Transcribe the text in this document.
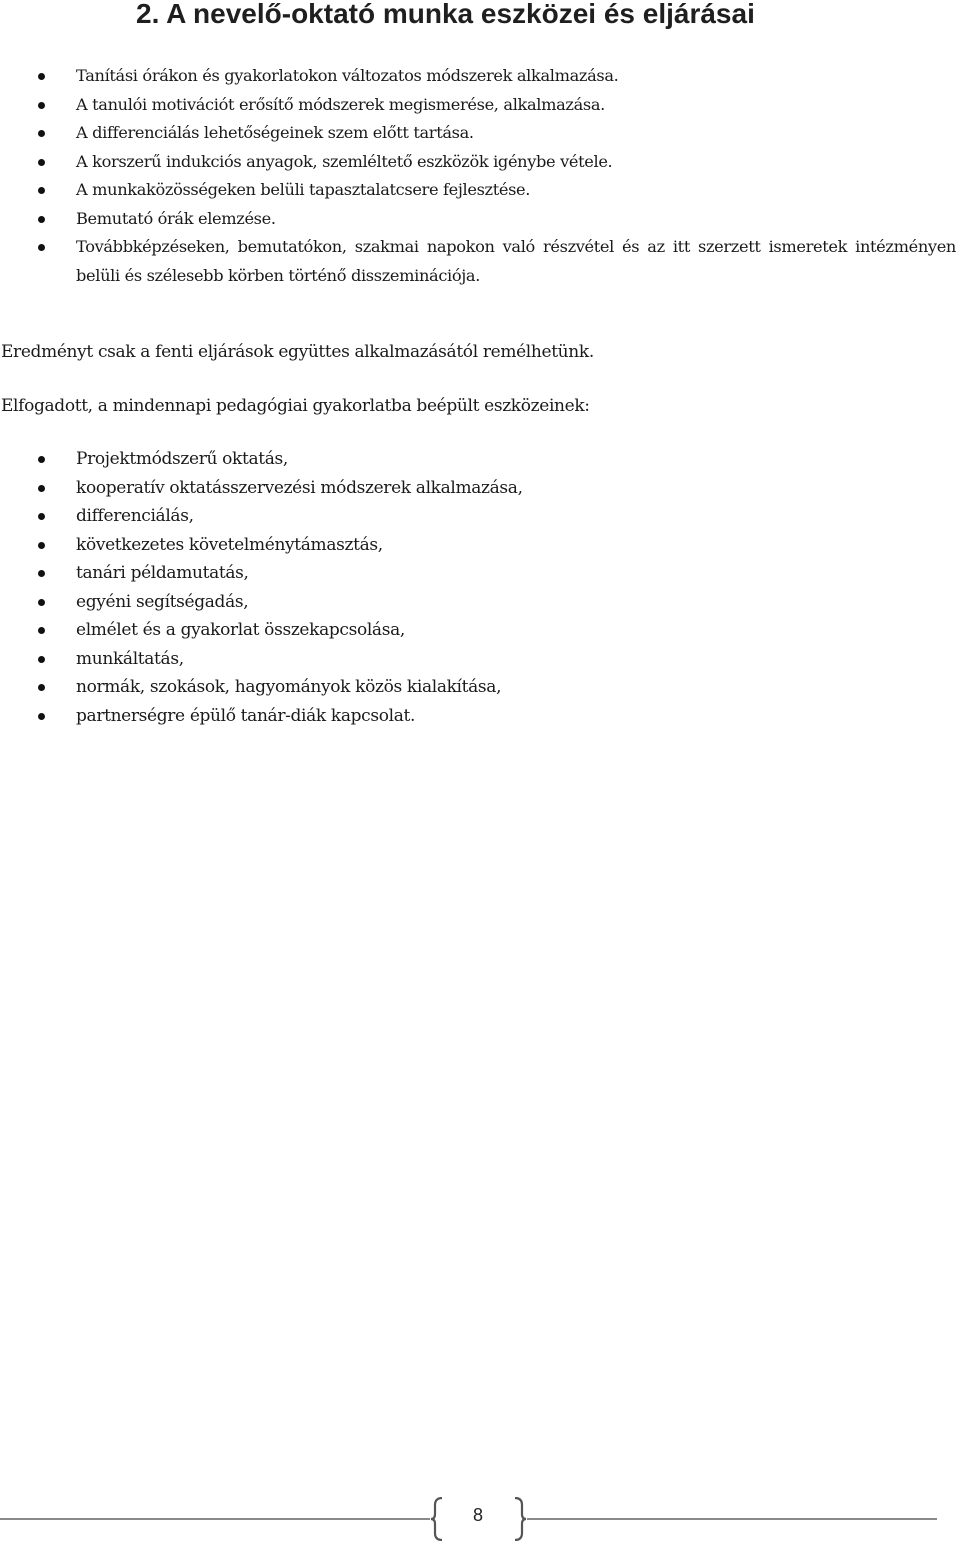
2. A nevelő-oktató munka eszközei és eljárásai
Tanítási órákon és gyakorlatokon változatos módszerek alkalmazása.
A tanulói motivációt erősítő módszerek megismerése, alkalmazása.
A differenciálás lehetőségeinek szem előtt tartása.
A korszerű indukciós anyagok, szemléltető eszközök igénybe vétele.
A munkaközösségeken belüli tapasztalatcsere fejlesztése.
Bemutató órák elemzése.
Továbbképzéseken, bemutatókon, szakmai napokon való részvétel és az itt szerzett ismeretek intézményen belüli és szélesebb körben történő disszeminációja.

Eredményt csak a fenti eljárások együttes alkalmazásától remélhetünk.

Elfogadott, a mindennapi pedagógiai gyakorlatba beépült eszközeinek:

Projektmódszerű oktatás,
kooperatív oktatásszervezési módszerek alkalmazása,
differenciálás,
következetes követelménytámasztás,
tanári példamutatás,
egyéni segítségadás,
elmélet és a gyakorlat összekapcsolása,
munkáltatás,
normák, szokások, hagyományok közös kialakítása,
partnerségre épülő tanár-diák kapcsolat.
8
